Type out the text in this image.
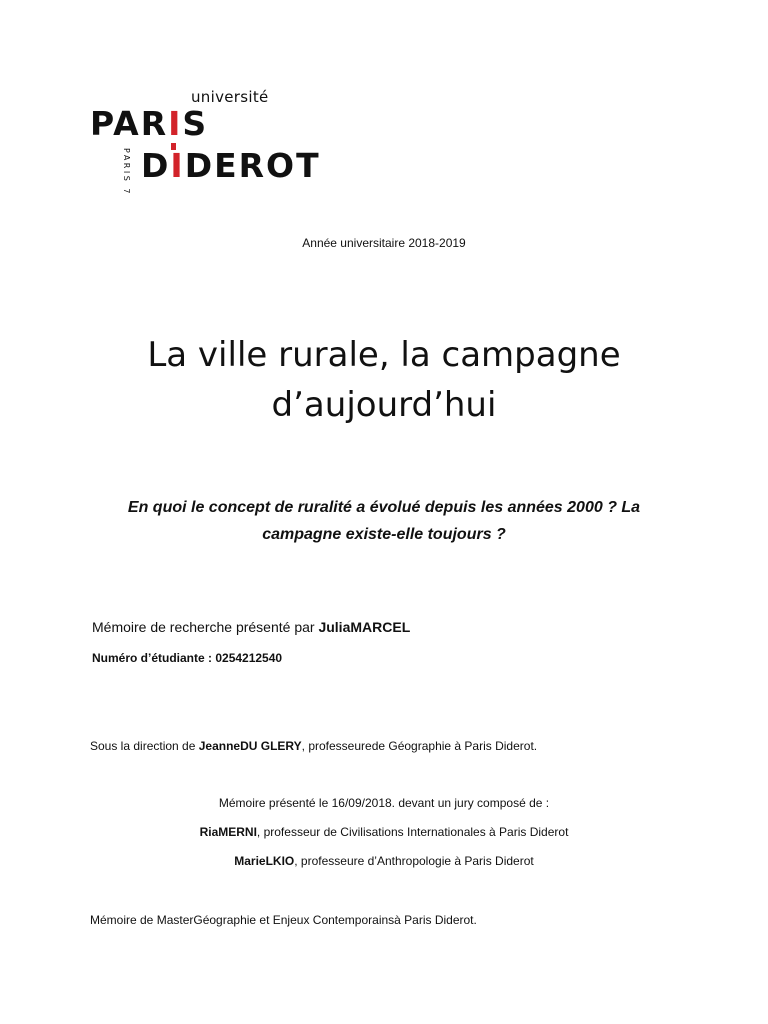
université
PARIS
PARIS 7 DIDEROT
Année universitaire 2018-2019
La ville rurale, la campagne
d’aujourd’hui
En quoi le concept de ruralité a évolué depuis les années 2000 ? La
campagne existe-elle toujours ?
Mémoire de recherche présenté par JuliaMARCEL
Numéro d’étudiante : 0254212540
Sous la direction de JeanneDU GLERY, professeurede Géographie à Paris Diderot.
Mémoire présenté le 16/09/2018. devant un jury composé de :
RiaMERNI, professeur de Civilisations Internationales à Paris Diderot
MarieLKIO, professeure d’Anthropologie à Paris Diderot
Mémoire de MasterGéographie et Enjeux Contemporainsà Paris Diderot.
